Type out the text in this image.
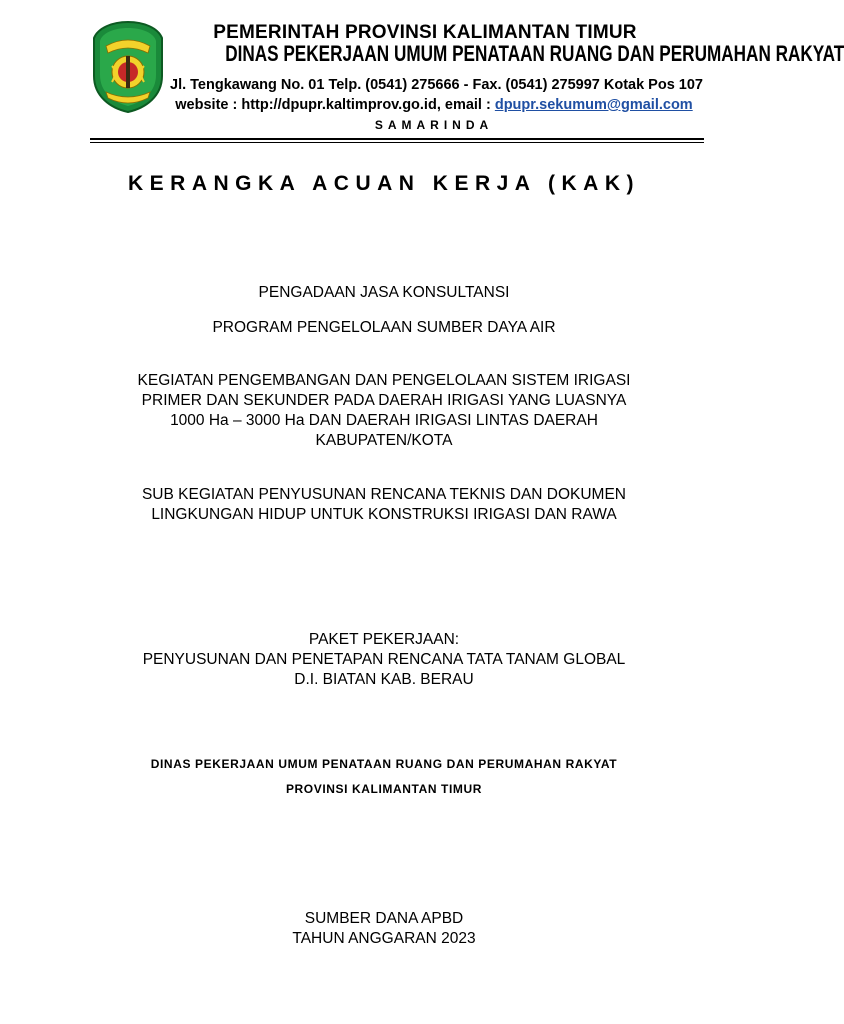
PEMERINTAH PROVINSI KALIMANTAN TIMUR
DINAS PEKERJAAN UMUM PENATAAN RUANG DAN PERUMAHAN RAKYAT
Jl. Tengkawang No. 01 Telp. (0541) 275666 - Fax. (0541) 275997 Kotak Pos 107
website : http://dpupr.kaltimprov.go.id, email : dpupr.sekumum@gmail.com
SAMARINDA
KERANGKA ACUAN KERJA (KAK)
PENGADAAN JASA KONSULTANSI
PROGRAM PENGELOLAAN SUMBER DAYA AIR
KEGIATAN PENGEMBANGAN DAN PENGELOLAAN SISTEM IRIGASI
PRIMER DAN SEKUNDER PADA DAERAH IRIGASI YANG LUASNYA
1000 Ha – 3000 Ha DAN DAERAH IRIGASI LINTAS DAERAH
KABUPATEN/KOTA
SUB KEGIATAN PENYUSUNAN RENCANA TEKNIS DAN DOKUMEN
LINGKUNGAN HIDUP UNTUK KONSTRUKSI IRIGASI DAN RAWA
PAKET PEKERJAAN:
PENYUSUNAN DAN PENETAPAN RENCANA TATA TANAM GLOBAL
D.I. BIATAN KAB. BERAU
DINAS PEKERJAAN UMUM PENATAAN RUANG DAN PERUMAHAN RAKYAT
PROVINSI KALIMANTAN TIMUR
SUMBER DANA APBD
TAHUN ANGGARAN 2023
